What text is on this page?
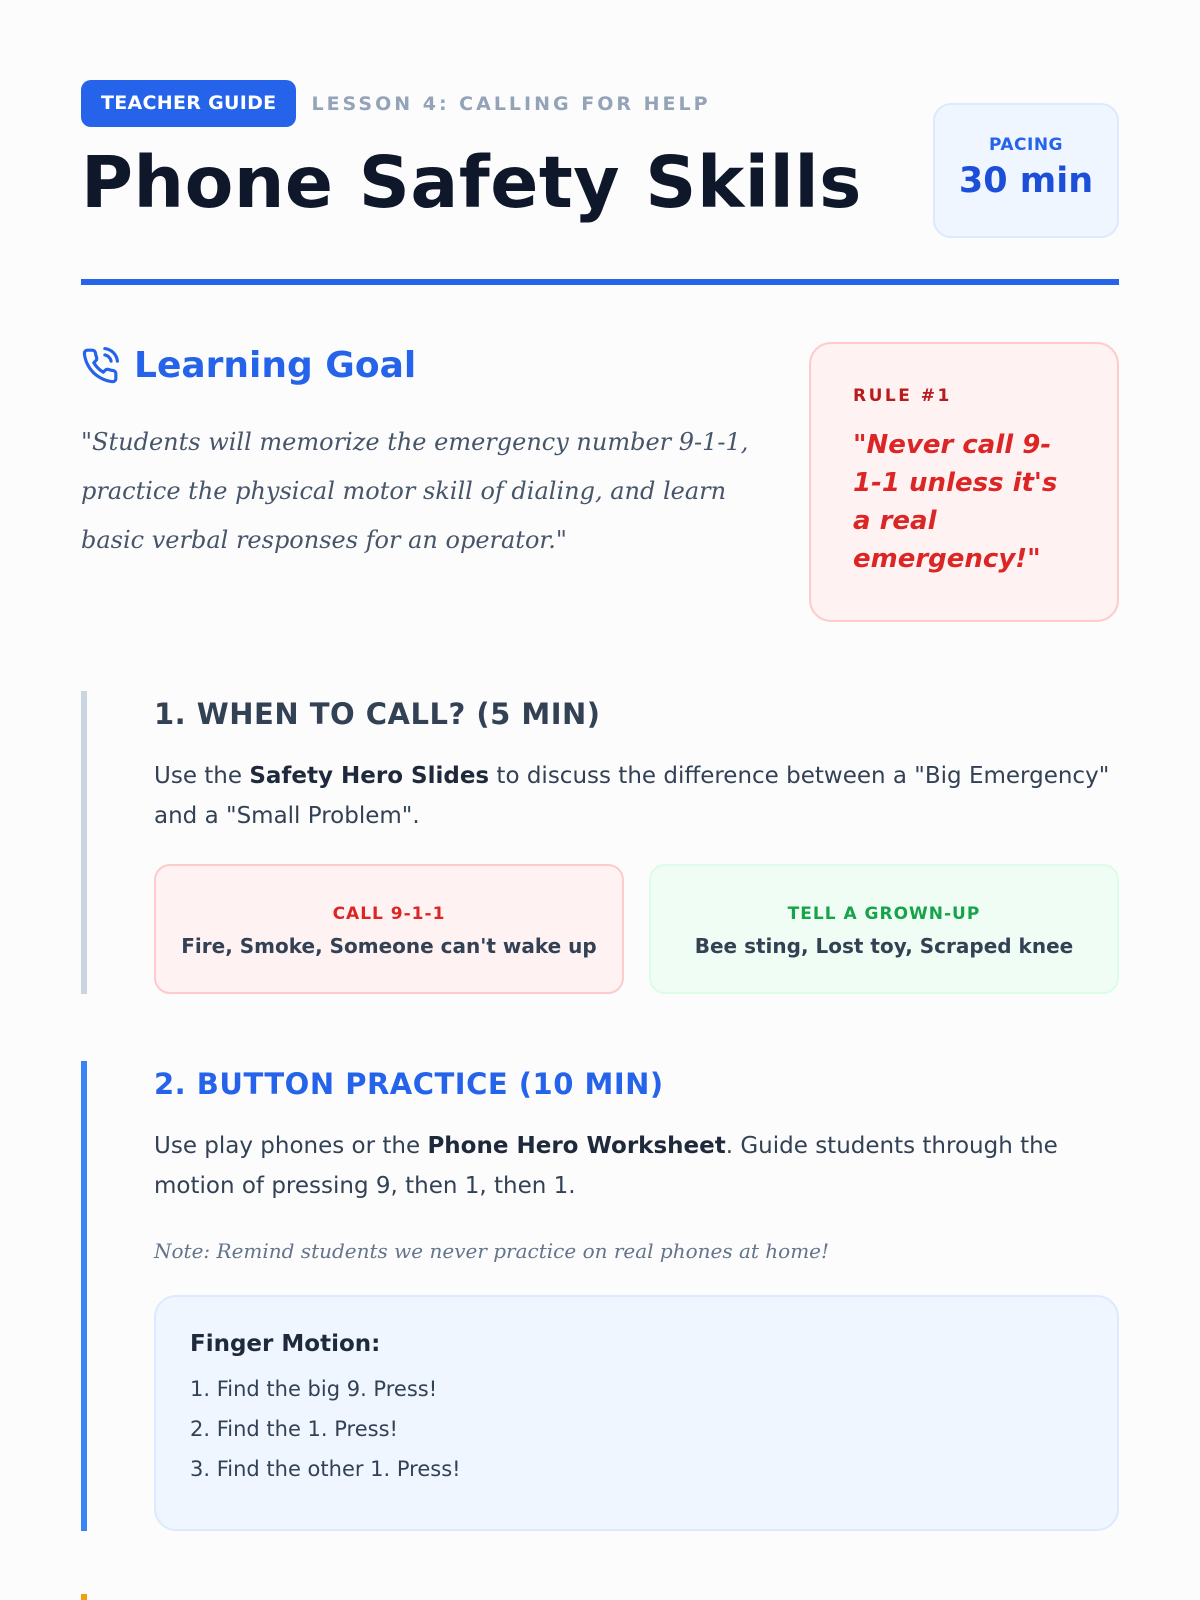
TEACHER GUIDE	LESSON 4: CALLING FOR HELP
Phone Safety Skills	PACING
30 min
Learning Goal

"Students will memorize the emergency number 9-1-1, practice the physical motor skill of dialing, and learn basic verbal responses for an operator."

RULE #1
"Never call 9-1-1 unless it's a real emergency!"
1. WHEN TO CALL? (5 MIN)

Use the Safety Hero Slides to discuss the difference between a "Big Emergency" and a "Small Problem".

CALL 9-1-1
Fire, Smoke, Someone can't wake up
TELL A GROWN-UP
Bee sting, Lost toy, Scraped knee
2. BUTTON PRACTICE (10 MIN)

Use play phones or the Phone Hero Worksheet. Guide students through the motion of pressing 9, then 1, then 1.

Note: Remind students we never practice on real phones at home!

Finger Motion:
1. Find the big 9. Press!
2. Find the 1. Press!
3. Find the other 1. Press!
